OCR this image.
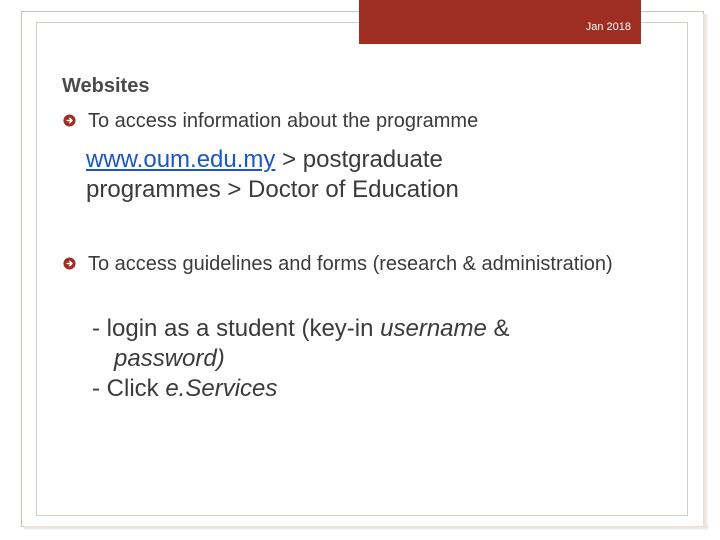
Jan 2018
Websites
To access information about the programme
www.oum.edu.my > postgraduate
programmes > Doctor of Education
To access guidelines and forms (research & administration)
- login as a student (key-in username &
password)
- Click e.Services
